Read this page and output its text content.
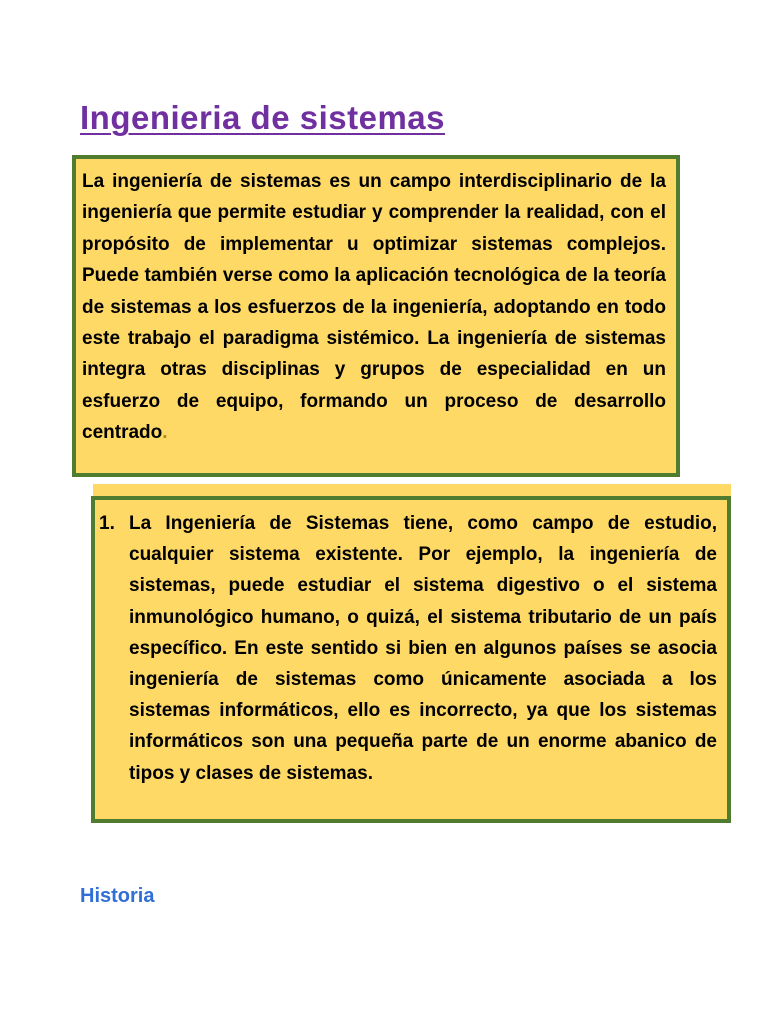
Ingenieria de sistemas

La ingeniería de sistemas es un campo interdisciplinario de la ingeniería que permite estudiar y comprender la realidad, con el propósito de implementar u optimizar sistemas complejos. Puede también verse como la aplicación tecnológica de la teoría de sistemas a los esfuerzos de la ingeniería, adoptando en todo este trabajo el paradigma sistémico. La ingeniería de sistemas integra otras disciplinas y grupos de especialidad en un esfuerzo de equipo, formando un proceso de desarrollo centrado.

1. La Ingeniería de Sistemas tiene, como campo de estudio, cualquier sistema existente. Por ejemplo, la ingeniería de sistemas, puede estudiar el sistema digestivo o el sistema inmunológico humano, o quizá, el sistema tributario de un país específico. En este sentido si bien en algunos países se asocia ingeniería de sistemas como únicamente asociada a los sistemas informáticos, ello es incorrecto, ya que los sistemas informáticos son una pequeña parte de un enorme abanico de tipos y clases de sistemas.
Historia
